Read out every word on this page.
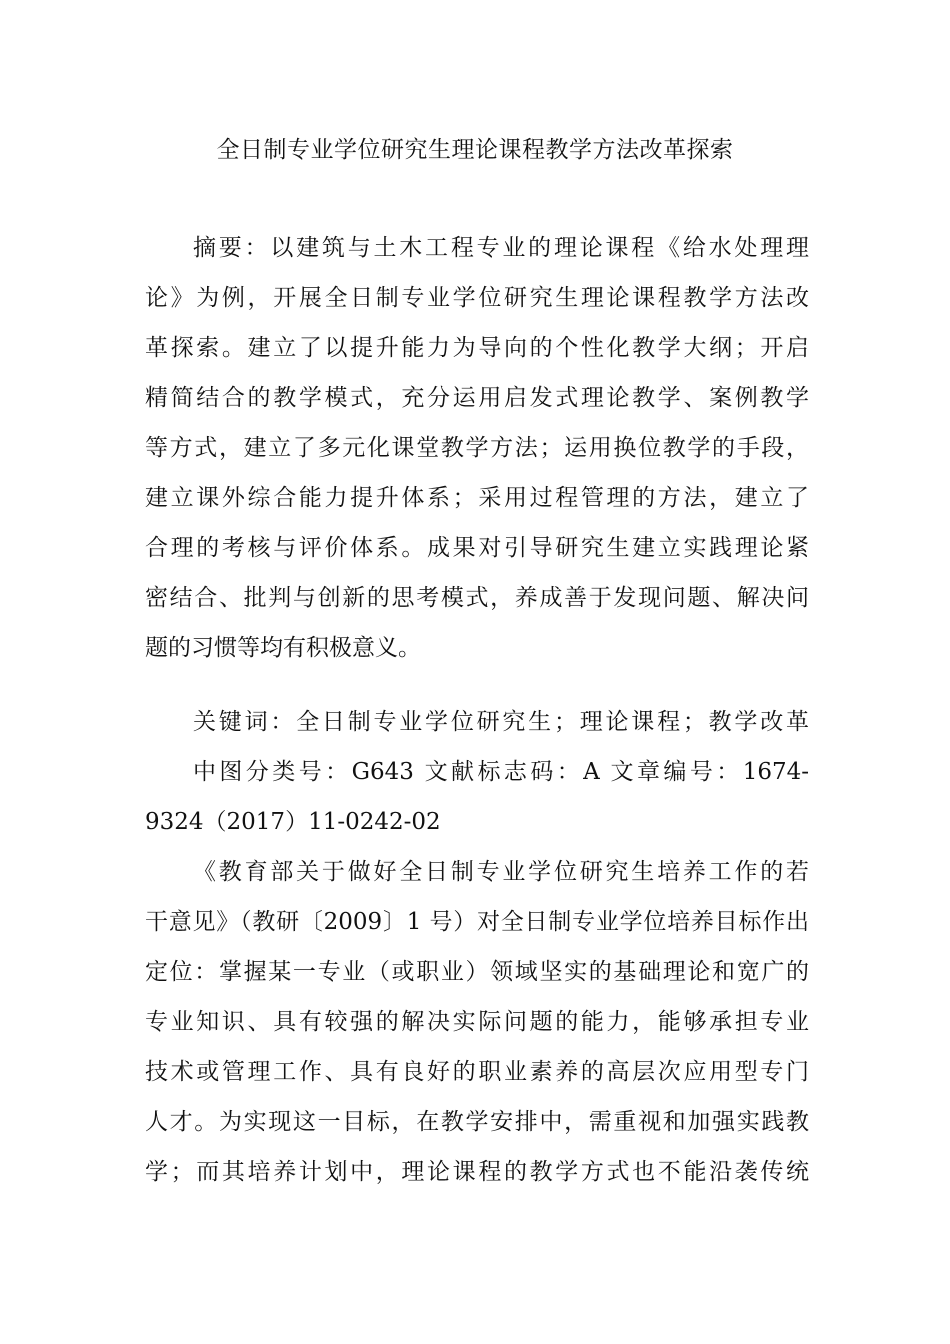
全日制专业学位研究生理论课程教学方法改革探索
摘要：以建筑与土木工程专业的理论课程《给水处理理
论》为例，开展全日制专业学位研究生理论课程教学方法改
革探索。建立了以提升能力为导向的个性化教学大纲；开启
精简结合的教学模式，充分运用启发式理论教学、案例教学
等方式，建立了多元化课堂教学方法；运用换位教学的手段，
建立课外综合能力提升体系；采用过程管理的方法，建立了
合理的考核与评价体系。成果对引导研究生建立实践理论紧
密结合、批判与创新的思考模式，养成善于发现问题、解决问
题的习惯等均有积极意义。
关键词：全日制专业学位研究生；理论课程；教学改革
中图分类号：G643 文献标志码：A 文章编号：1674-
9324（2017）11-0242-02
《教育部关于做好全日制专业学位研究生培养工作的若
干意见》（教研〔2009〕1 号）对全日制专业学位培养目标作出
定位：掌握某一专业（或职业）领域坚实的基础理论和宽广的
专业知识、具有较强的解决实际问题的能力，能够承担专业
技术或管理工作、具有良好的职业素养的高层次应用型专门
人才。为实现这一目标，在教学安排中，需重视和加强实践教
学；而其培养计划中，理论课程的教学方式也不能沿袭传统
